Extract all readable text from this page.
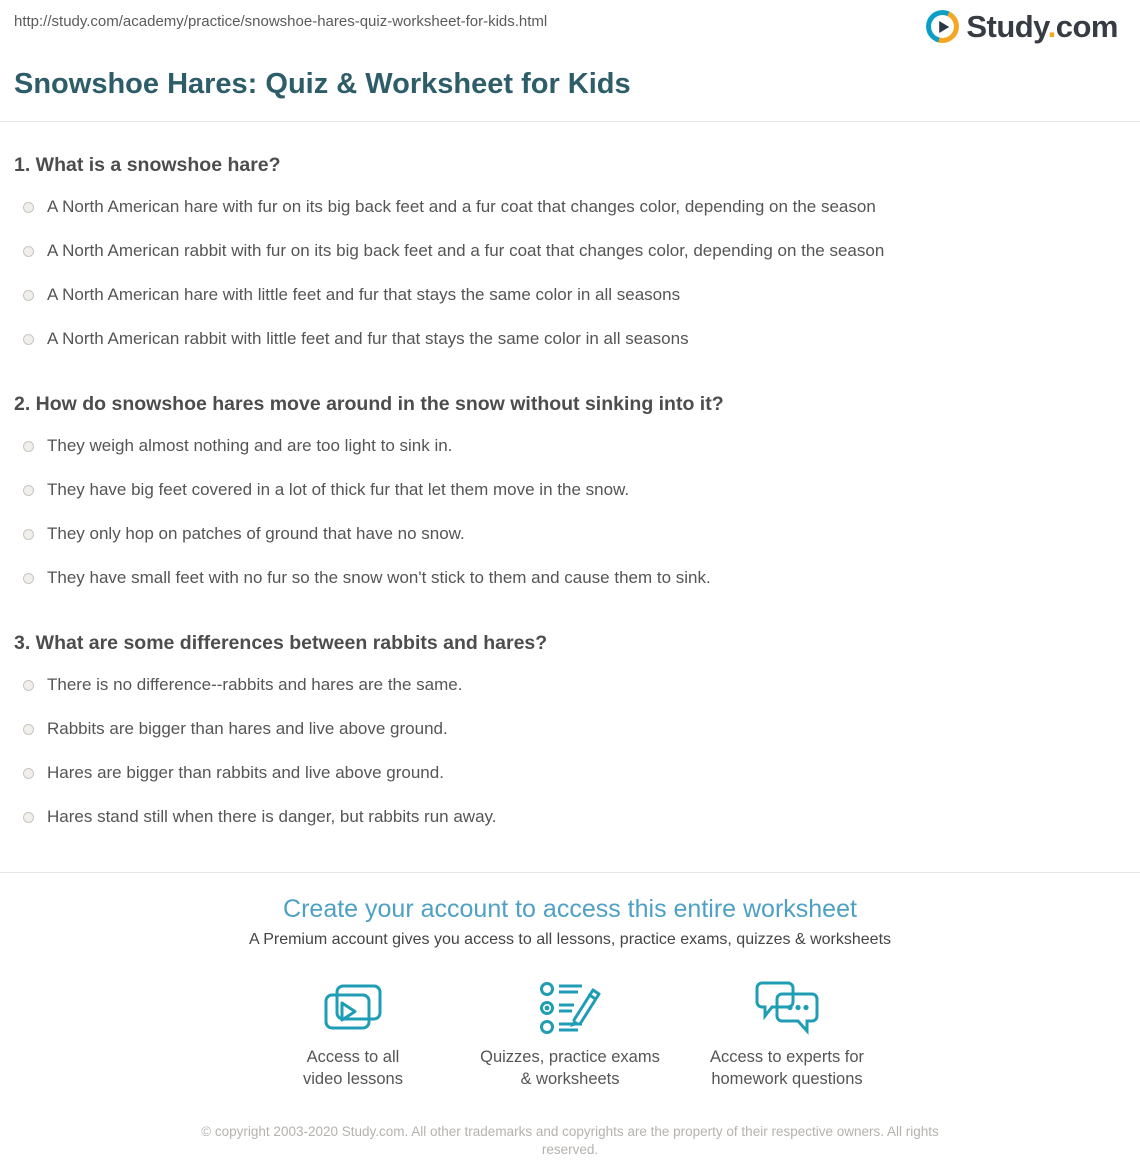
http://study.com/academy/practice/snowshoe-hares-quiz-worksheet-for-kids.html	Study.com
Snowshoe Hares: Quiz & Worksheet for Kids
1. What is a snowshoe hare?
A North American hare with fur on its big back feet and a fur coat that changes color, depending on the season
A North American rabbit with fur on its big back feet and a fur coat that changes color, depending on the season
A North American hare with little feet and fur that stays the same color in all seasons
A North American rabbit with little feet and fur that stays the same color in all seasons
2. How do snowshoe hares move around in the snow without sinking into it?
They weigh almost nothing and are too light to sink in.
They have big feet covered in a lot of thick fur that let them move in the snow.
They only hop on patches of ground that have no snow.
They have small feet with no fur so the snow won't stick to them and cause them to sink.
3. What are some differences between rabbits and hares?
There is no difference--rabbits and hares are the same.
Rabbits are bigger than hares and live above ground.
Hares are bigger than rabbits and live above ground.
Hares stand still when there is danger, but rabbits run away.
Create your account to access this entire worksheet

A Premium account gives you access to all lessons, practice exams, quizzes & worksheets

Access to all
video lessons
Quizzes, practice exams
& worksheets
Access to experts for
homework questions
© copyright 2003-2020 Study.com. All other trademarks and copyrights are the property of their respective owners. All rights reserved.
